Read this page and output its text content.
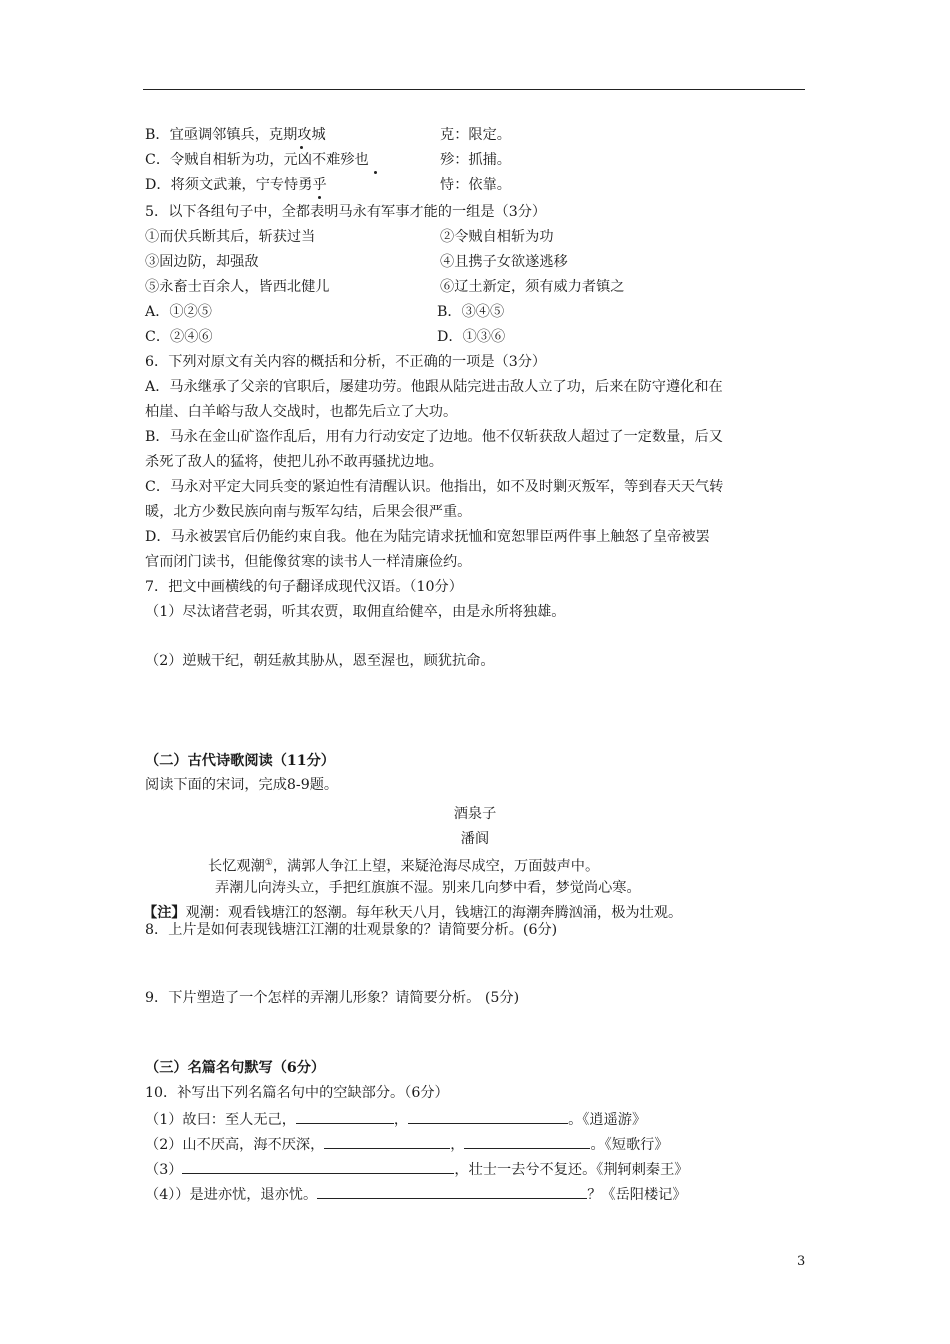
B．宜亟调邻镇兵，克期攻城	克：限定。
C．令贼自相斩为功，元凶不难殄也	殄：抓捕。
D．将须文武兼，宁专恃勇乎	恃：依靠。
5．以下各组句子中，全都表明马永有军事才能的一组是（3分）
①而伏兵断其后，斩获过当	②令贼自相斩为功
③固边防，却强敌	④且携子女欲遂逃移
⑤永畜士百余人，皆西北健儿	⑥辽土新定，须有威力者镇之
A．①②⑤	B．③④⑤
C．②④⑥	D．①③⑥
6．下列对原文有关内容的概括和分析，不正确的一项是（3分）
A．马永继承了父亲的官职后，屡建功劳。他跟从陆完进击敌人立了功，后来在防守遵化和在
柏崖、白羊峪与敌人交战时，也都先后立了大功。
B．马永在金山矿盗作乱后，用有力行动安定了边地。他不仅斩获敌人超过了一定数量，后又
杀死了敌人的猛将，使把儿孙不敢再骚扰边地。
C．马永对平定大同兵变的紧迫性有清醒认识。他指出，如不及时剿灭叛军，等到春天天气转
暖，北方少数民族向南与叛军勾结，后果会很严重。
D．马永被罢官后仍能约束自我。他在为陆完请求抚恤和宽恕罪臣两件事上触怒了皇帝被罢
官而闭门读书，但能像贫寒的读书人一样清廉俭约。
7．把文中画横线的句子翻译成现代汉语。（10分）
（1）尽汰诸营老弱，听其农贾，取佣直给健卒，由是永所将独雄。
（2）逆贼干纪，朝廷赦其胁从，恩至渥也，顾犹抗命。
（二）古代诗歌阅读（11分）
阅读下面的宋词，完成8-9题。
酒泉子
潘阆
长忆观潮①，满郭人争江上望，来疑沧海尽成空，万面鼓声中。
弄潮儿向涛头立，手把红旗旗不湿。别来几向梦中看，梦觉尚心寒。
【注】观潮：观看钱塘江的怒潮。每年秋天八月，钱塘江的海潮奔腾汹涌，极为壮观。
8．上片是如何表现钱塘江江潮的壮观景象的？请简要分析。(6分)
9．下片塑造了一个怎样的弄潮儿形象？请简要分析。 (5分)
（三）名篇名句默写（6分）
10．补写出下列名篇名句中的空缺部分。（6分）
（1）故曰：至人无己，	，	。《逍遥游》
（2）山不厌高，海不厌深，	，	。《短歌行》
（3）	，壮士一去兮不复还。《荆轲刺秦王》
（4））是进亦忧，退亦忧。	？《岳阳楼记》
3
